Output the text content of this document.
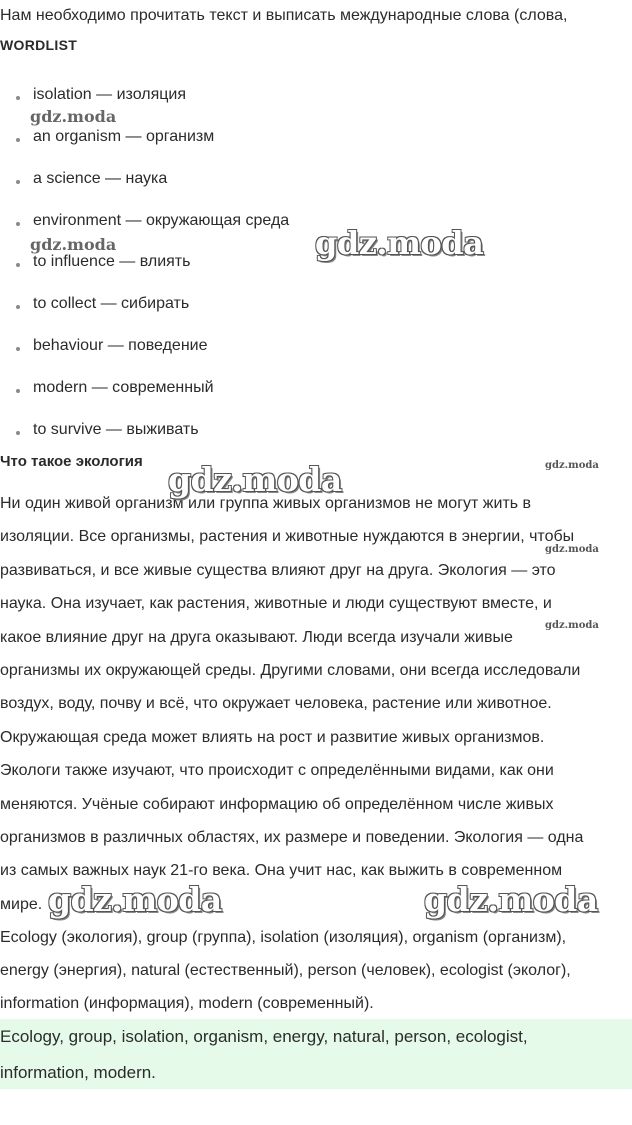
Нам необходимо прочитать текст и выписать международные слова (слова,
WORDLIST
isolation — изоляция
an organism — организм
a science — наука
environment — окружающая среда
to influence — влиять
to collect — сибирать
behaviour — поведение
modern — современный
to survive — выживать
Что такое экология
Ни один живой организм или группа живых организмов не могут жить в
изоляции. Все организмы, растения и животные нуждаются в энергии, чтобы
развиваться, и все живые существа влияют друг на друга. Экология — это
наука. Она изучает, как растения, животные и люди существуют вместе, и
какое влияние друг на друга оказывают. Люди всегда изучали живые
организмы их окружающей среды. Другими словами, они всегда исследовали
воздух, воду, почву и всё, что окружает человека, растение или животное.
Окружающая среда может влиять на рост и развитие живых организмов.
Экологи также изучают, что происходит с определёнными видами, как они
меняются. Учёные собирают информацию об определённом числе живых
организмов в различных областях, их размере и поведении. Экология — одна
из самых важных наук 21-го века. Она учит нас, как выжить в современном
мире.
Ecology (экология), group (группа), isolation (изоляция), organism (организм),
energy (энергия), natural (естественный), person (человек), ecologist (эколог),
information (информация), modern (современный).
Ecology, group, isolation, organism, energy, natural, person, ecologist,
information, modern.
gdz.moda
gdz.moda	gdz.moda
gdz.moda	gdz.moda
gdz.moda
gdz.moda
gdz.moda	gdz.moda
